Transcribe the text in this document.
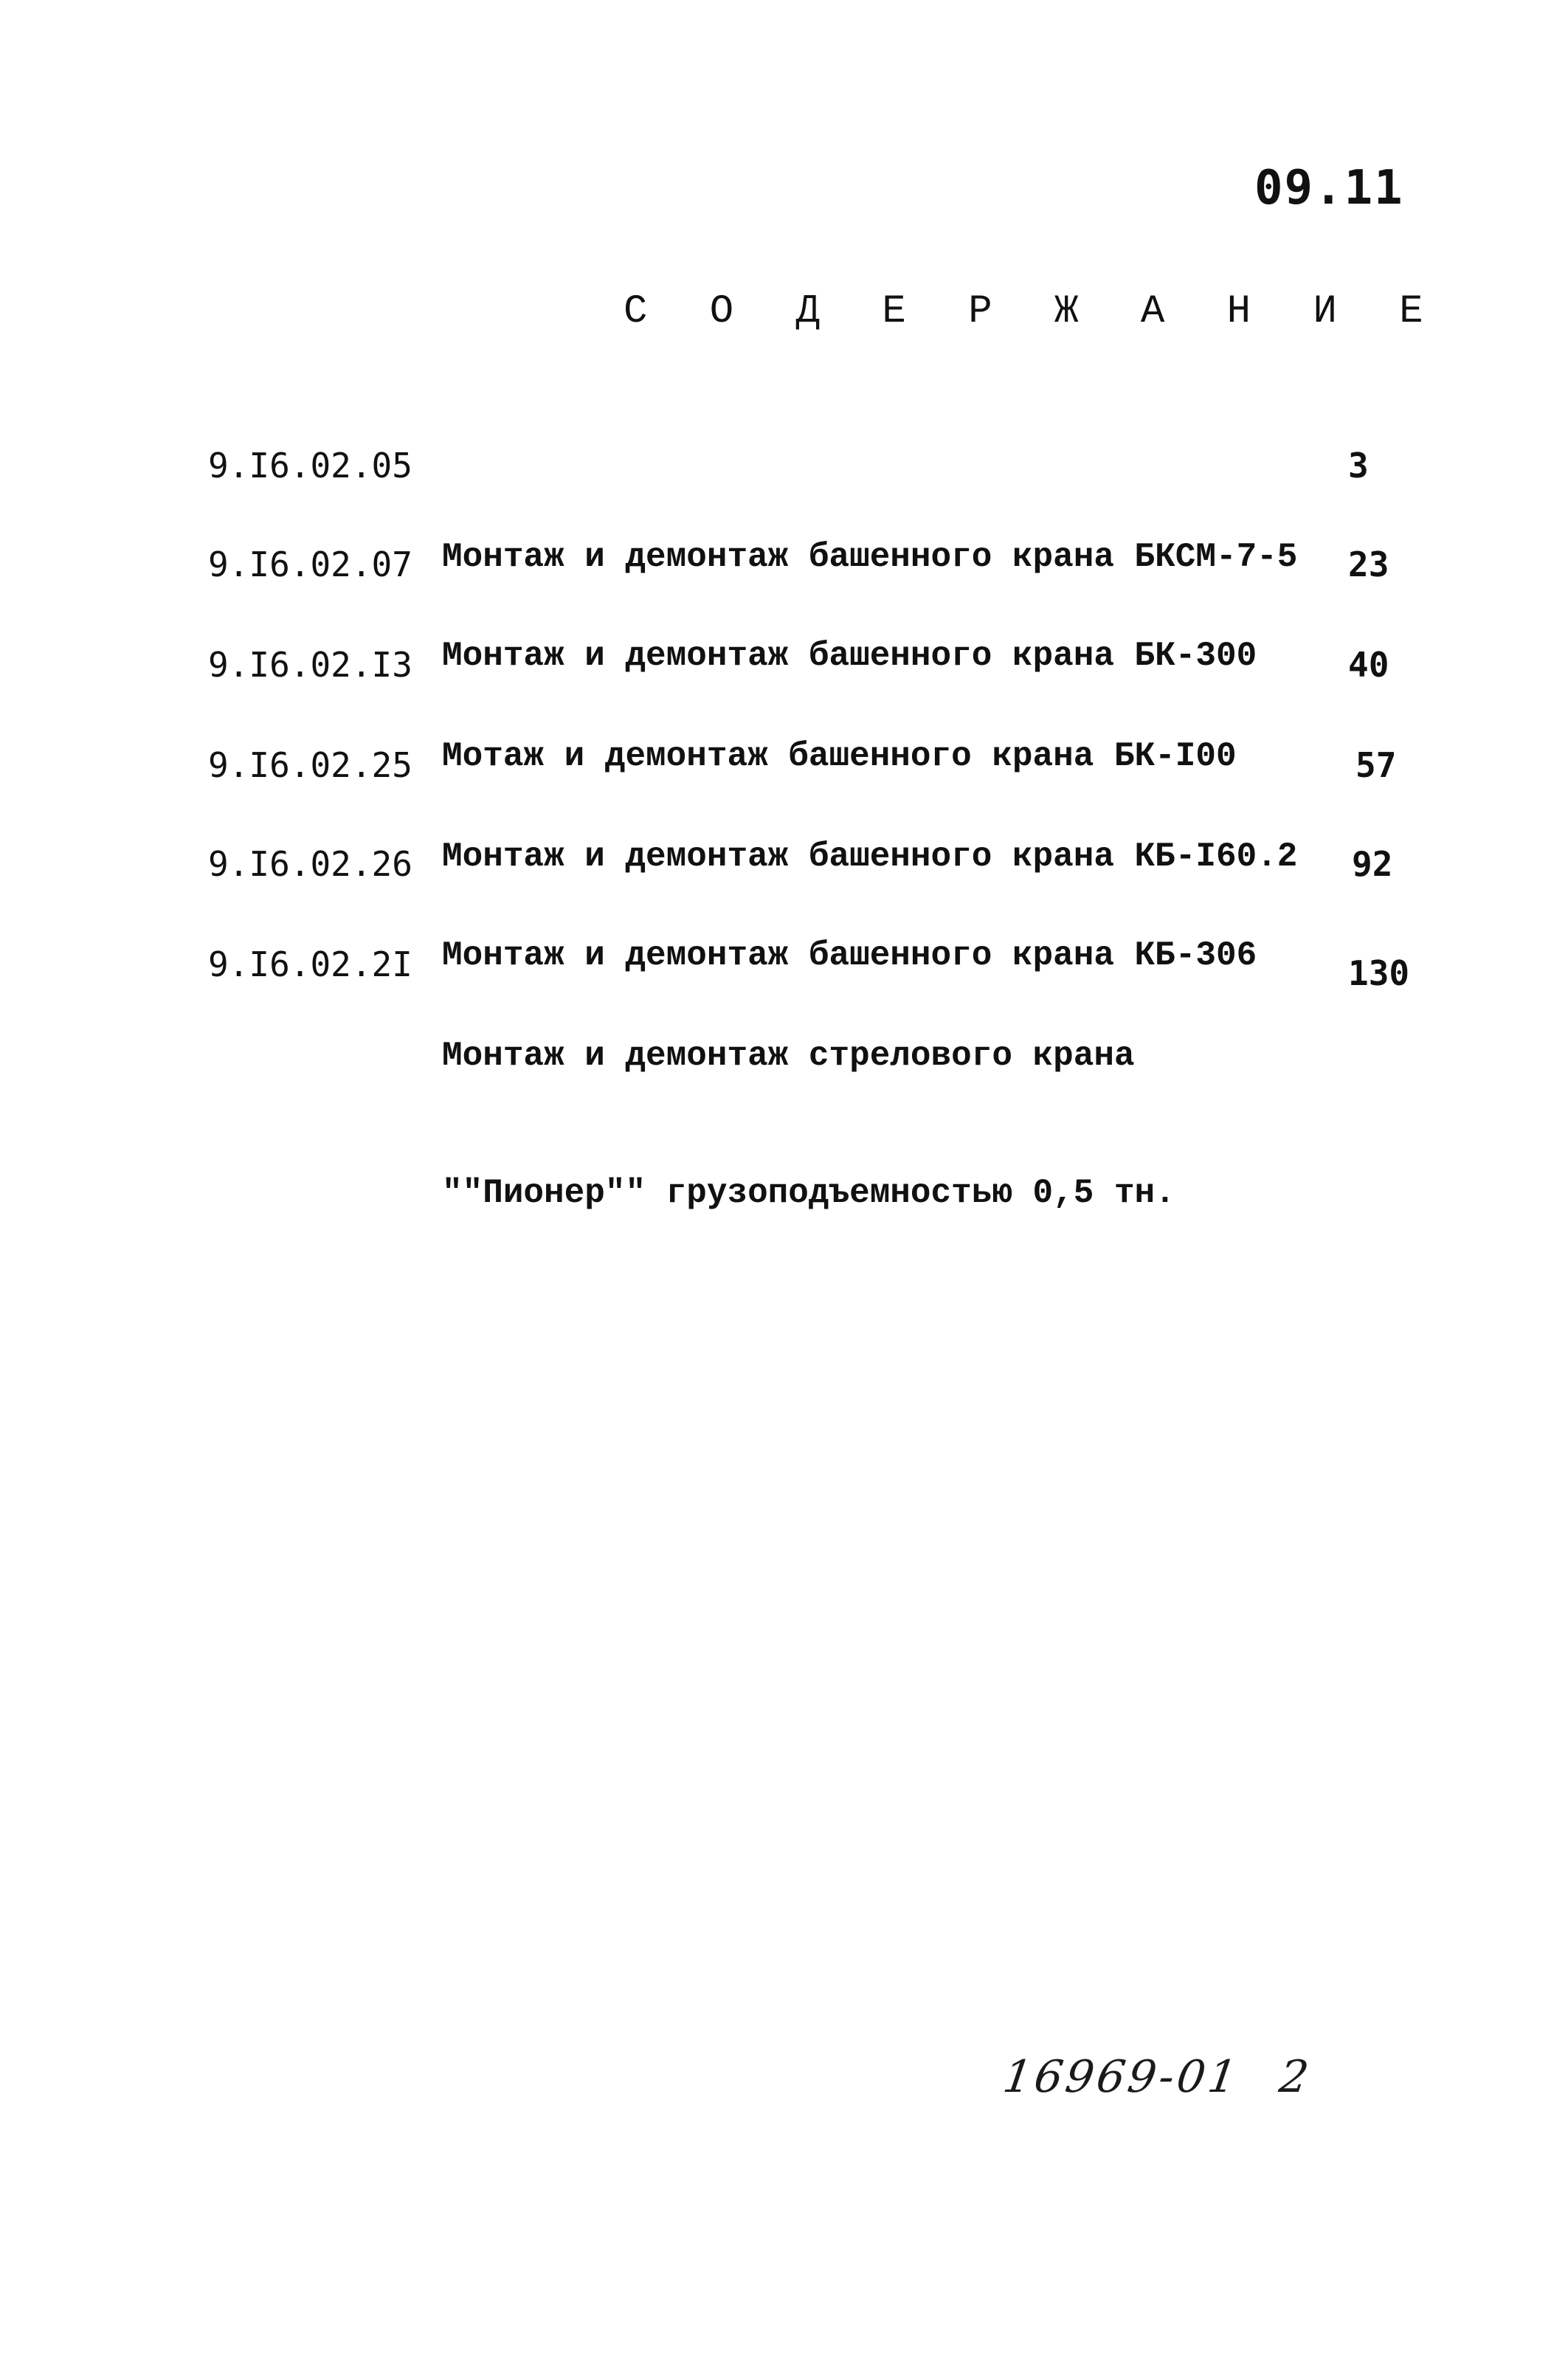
09.11
С О Д Е Р Ж А Н И Е
9.I6.02.05

Монтаж и демонтаж башенного крана БКСМ-7-5

3
9.I6.02.07

Монтаж и демонтаж башенного крана БК-300

23
9.I6.02.I3

Мотаж и демонтаж башенного крана БК-I00

40
9.I6.02.25

Монтаж и демонтаж башенного крана КБ-I60.2

57
9.I6.02.26

Монтаж и демонтаж башенного крана КБ-306

92
9.I6.02.2I

Монтаж и демонтаж стрелового крана

""Пионер"" грузоподъемностью 0,5 тн.

130
16969-01 2
